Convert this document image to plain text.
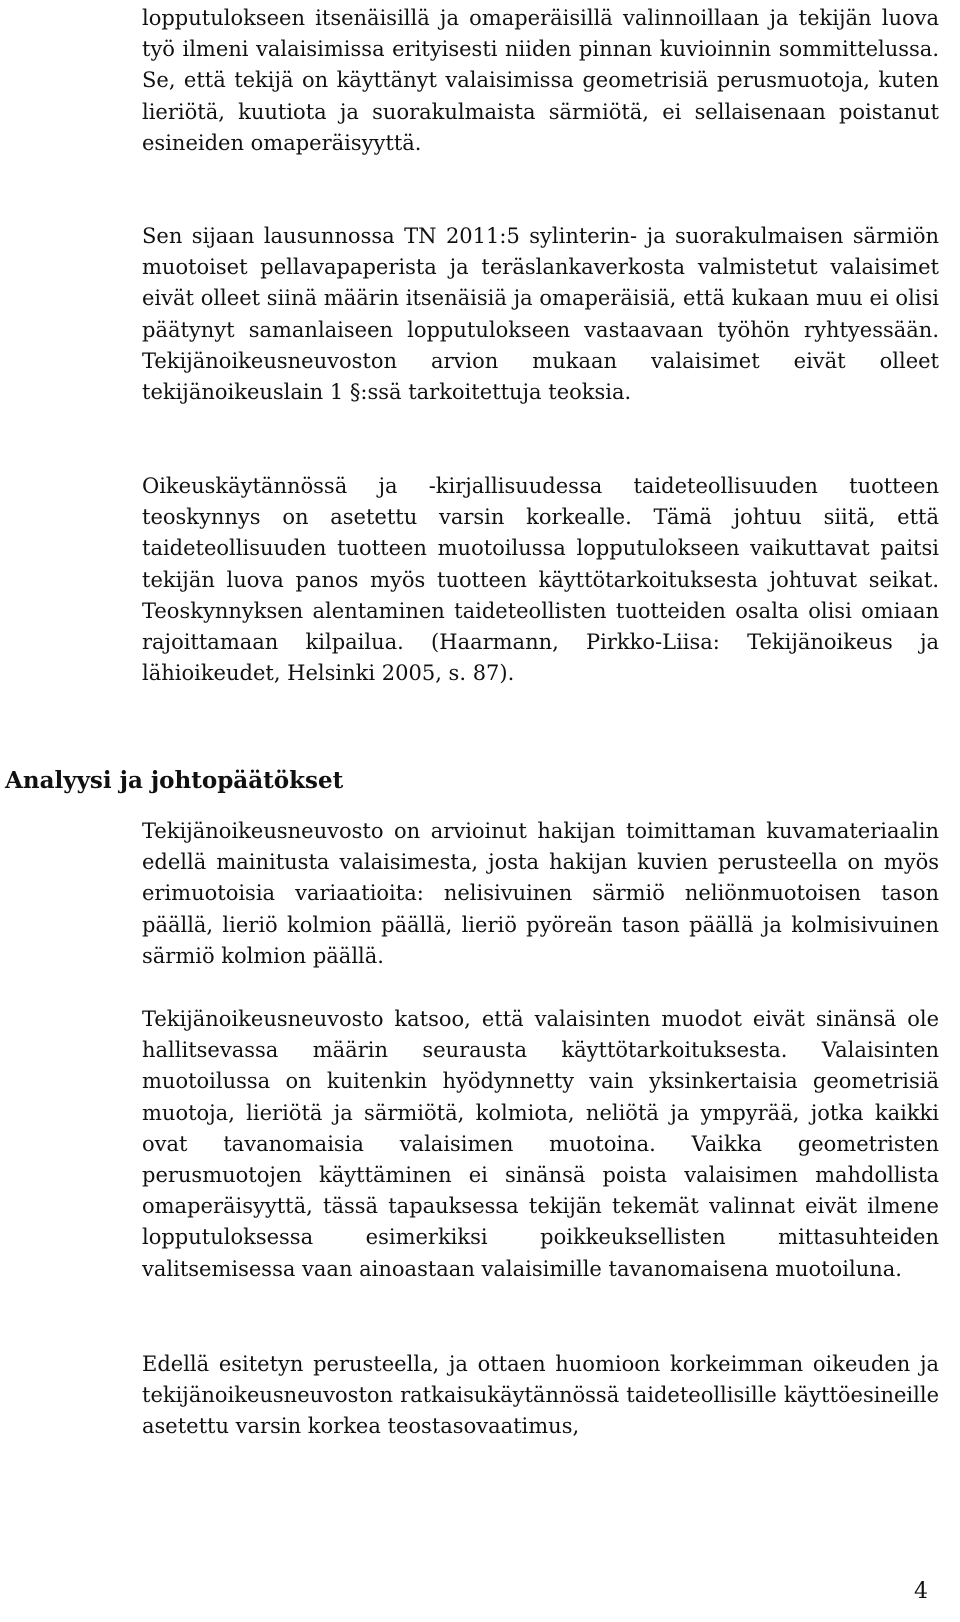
lopputulokseen itsenäisillä ja omaperäisillä valinnoillaan ja tekijän luova työ ilmeni valaisimissa erityisesti niiden pinnan kuvioinnin sommittelussa. Se, että tekijä on käyttänyt valaisimissa geometrisiä perusmuotoja, kuten lieriötä, kuutiota ja suorakulmaista särmiötä, ei sellaisenaan poistanut esineiden omaperäisyyttä.

Sen sijaan lausunnossa TN 2011:5 sylinterin- ja suorakulmaisen särmiön muotoiset pellavapaperista ja teräslankaverkosta valmistetut valaisimet eivät olleet siinä määrin itsenäisiä ja omaperäisiä, että kukaan muu ei olisi päätynyt samanlaiseen lopputulokseen vastaavaan työhön ryhtyessään. Tekijänoikeusneuvoston arvion mukaan valaisimet eivät olleet tekijänoikeuslain 1 §:ssä tarkoitettuja teoksia.

Oikeuskäytännössä ja -kirjallisuudessa taideteollisuuden tuotteen teoskynnys on asetettu varsin korkealle. Tämä johtuu siitä, että taideteollisuuden tuotteen muotoilussa lopputulokseen vaikuttavat paitsi tekijän luova panos myös tuotteen käyttötarkoituksesta johtuvat seikat. Teoskynnyksen alentaminen taideteollisten tuotteiden osalta olisi omiaan rajoittamaan kilpailua. (Haarmann, Pirkko-Liisa: Tekijänoikeus ja lähioikeudet, Helsinki 2005, s. 87).

Analyysi ja johtopäätökset

Tekijänoikeusneuvosto on arvioinut hakijan toimittaman kuvamateriaalin edellä mainitusta valaisimesta, josta hakijan kuvien perusteella on myös erimuotoisia variaatioita: nelisivuinen särmiö neliönmuotoisen tason päällä, lieriö kolmion päällä, lieriö pyöreän tason päällä ja kolmisivuinen särmiö kolmion päällä.

Tekijänoikeusneuvosto katsoo, että valaisinten muodot eivät sinänsä ole hallitsevassa määrin seurausta käyttötarkoituksesta. Valaisinten muotoilussa on kuitenkin hyödynnetty vain yksinkertaisia geometrisiä muotoja, lieriötä ja särmiötä, kolmiota, neliötä ja ympyrää, jotka kaikki ovat tavanomaisia valaisimen muotoina. Vaikka geometristen perusmuotojen käyttäminen ei sinänsä poista valaisimen mahdollista omaperäisyyttä, tässä tapauksessa tekijän tekemät valinnat eivät ilmene lopputuloksessa esimerkiksi poikkeuksellisten mittasuhteiden valitsemisessa vaan ainoastaan valaisimille tavanomaisena muotoiluna.

Edellä esitetyn perusteella, ja ottaen huomioon korkeimman oikeuden ja tekijänoikeusneuvoston ratkaisukäytännössä taideteollisille käyttöesineille asetettu varsin korkea teostasovaatimus,

4
